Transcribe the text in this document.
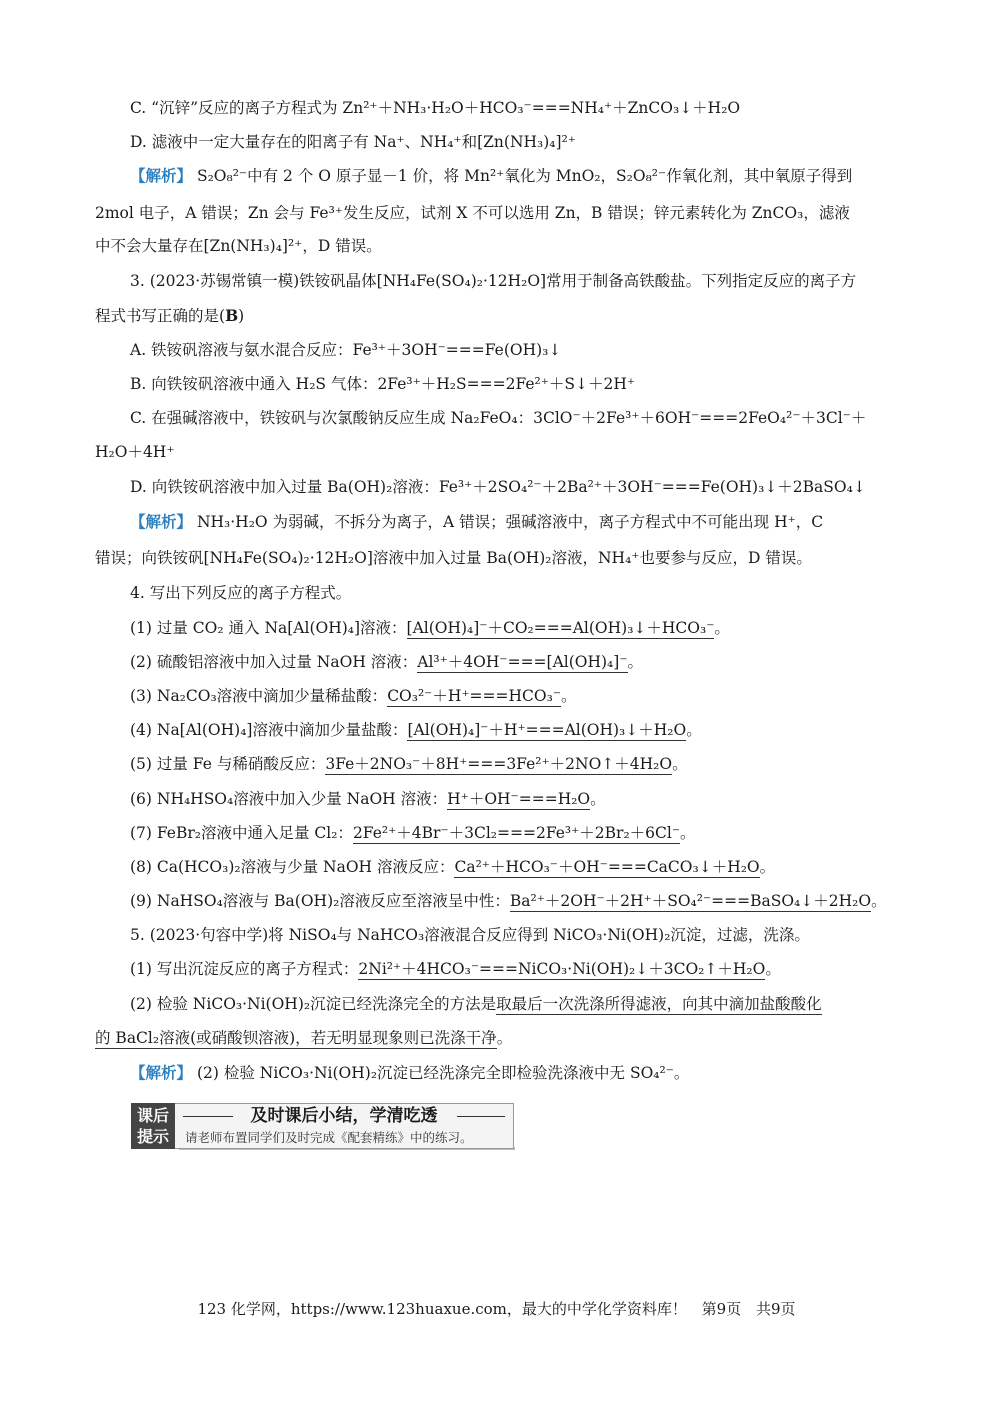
C. “沉锌”反应的离子方程式为 Zn²⁺＋NH₃·H₂O＋HCO₃⁻===NH₄⁺＋ZnCO₃↓＋H₂O
D. 滤液中一定大量存在的阳离子有 Na⁺、NH₄⁺和[Zn(NH₃)₄]²⁺
【解析】 S₂O₈²⁻中有 2 个 O 原子显－1 价，将 Mn²⁺氧化为 MnO₂，S₂O₈²⁻作氧化剂，其中氧原子得到
2mol 电子，A 错误；Zn 会与 Fe³⁺发生反应，试剂 X 不可以选用 Zn，B 错误；锌元素转化为 ZnCO₃，滤液
中不会大量存在[Zn(NH₃)₄]²⁺，D 错误。
3. (2023·苏锡常镇一模)铁铵矾晶体[NH₄Fe(SO₄)₂·12H₂O]常用于制备高铁酸盐。下列指定反应的离子方
程式书写正确的是(B)
A. 铁铵矾溶液与氨水混合反应：Fe³⁺＋3OH⁻===Fe(OH)₃↓
B. 向铁铵矾溶液中通入 H₂S 气体：2Fe³⁺＋H₂S===2Fe²⁺＋S↓＋2H⁺
C. 在强碱溶液中，铁铵矾与次氯酸钠反应生成 Na₂FeO₄：3ClO⁻＋2Fe³⁺＋6OH⁻===2FeO₄²⁻＋3Cl⁻＋
H₂O＋4H⁺
D. 向铁铵矾溶液中加入过量 Ba(OH)₂溶液：Fe³⁺＋2SO₄²⁻＋2Ba²⁺＋3OH⁻===Fe(OH)₃↓＋2BaSO₄↓
【解析】 NH₃·H₂O 为弱碱，不拆分为离子，A 错误；强碱溶液中，离子方程式中不可能出现 H⁺，C
错误；向铁铵矾[NH₄Fe(SO₄)₂·12H₂O]溶液中加入过量 Ba(OH)₂溶液，NH₄⁺也要参与反应，D 错误。
4. 写出下列反应的离子方程式。
(1) 过量 CO₂ 通入 Na[Al(OH)₄]溶液：[Al(OH)₄]⁻＋CO₂===Al(OH)₃↓＋HCO₃⁻。
(2) 硫酸铝溶液中加入过量 NaOH 溶液：Al³⁺＋4OH⁻===[Al(OH)₄]⁻。
(3) Na₂CO₃溶液中滴加少量稀盐酸：CO₃²⁻＋H⁺===HCO₃⁻。
(4) Na[Al(OH)₄]溶液中滴加少量盐酸：[Al(OH)₄]⁻＋H⁺===Al(OH)₃↓＋H₂O。
(5) 过量 Fe 与稀硝酸反应：3Fe＋2NO₃⁻＋8H⁺===3Fe²⁺＋2NO↑＋4H₂O。
(6) NH₄HSO₄溶液中加入少量 NaOH 溶液：H⁺＋OH⁻===H₂O。
(7) FeBr₂溶液中通入足量 Cl₂：2Fe²⁺＋4Br⁻＋3Cl₂===2Fe³⁺＋2Br₂＋6Cl⁻。
(8) Ca(HCO₃)₂溶液与少量 NaOH 溶液反应：Ca²⁺＋HCO₃⁻＋OH⁻===CaCO₃↓＋H₂O。
(9) NaHSO₄溶液与 Ba(OH)₂溶液反应至溶液呈中性：Ba²⁺＋2OH⁻＋2H⁺＋SO₄²⁻===BaSO₄↓＋2H₂O。
5. (2023·句容中学)将 NiSO₄与 NaHCO₃溶液混合反应得到 NiCO₃·Ni(OH)₂沉淀，过滤，洗涤。
(1) 写出沉淀反应的离子方程式：2Ni²⁺＋4HCO₃⁻===NiCO₃·Ni(OH)₂↓＋3CO₂↑＋H₂O。
(2) 检验 NiCO₃·Ni(OH)₂沉淀已经洗涤完全的方法是取最后一次洗涤所得滤液，向其中滴加盐酸酸化
的 BaCl₂溶液(或硝酸钡溶液)，若无明显现象则已洗涤干净。
【解析】 (2) 检验 NiCO₃·Ni(OH)₂沉淀已经洗涤完全即检验洗涤液中无 SO₄²⁻。
课后
提示
及时课后小结，学清吃透
请老师布置同学们及时完成《配套精练》中的练习。
123 化学网，https://www.123huaxue.com，最大的中学化学资料库！ 第9页 共9页
